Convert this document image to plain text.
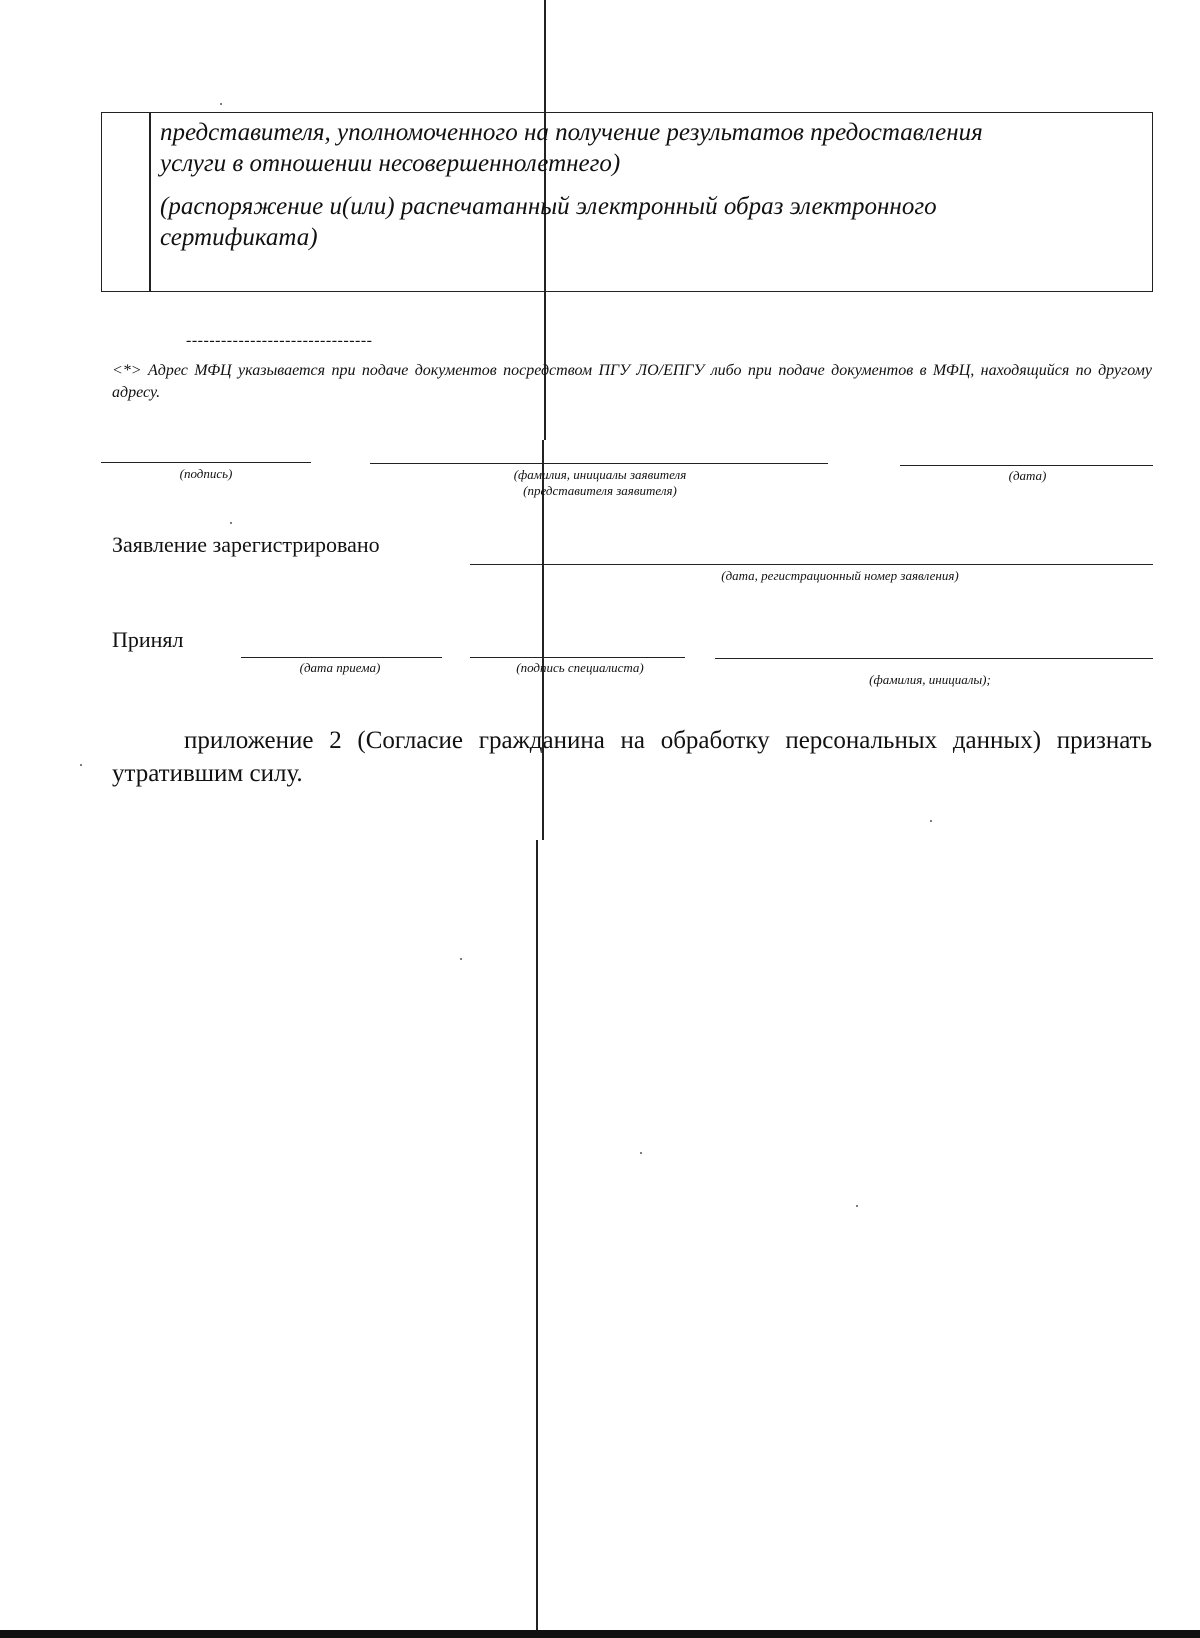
представителя, уполномоченного на получение результатов предоставления
услуги в отношении несовершеннолетнего)
(распоряжение и(или) распечатанный электронный образ электронного
сертификата)
--------------------------------
<*> Адрес МФЦ указывается при подаче документов посредством ПГУ ЛО/ЕПГУ либо при подаче документов в МФЦ, находящийся по другому адресу.
(подпись)	(фамилия, инициалы заявителя
(представителя заявителя)
(дата)
Заявление зарегистрировано
(дата, регистрационный номер заявления)
Принял
(дата приема)	(подпись специалиста)
(фамилия, инициалы);
приложение 2 (Согласие гражданина на обработку персональных данных) признать утратившим силу.
